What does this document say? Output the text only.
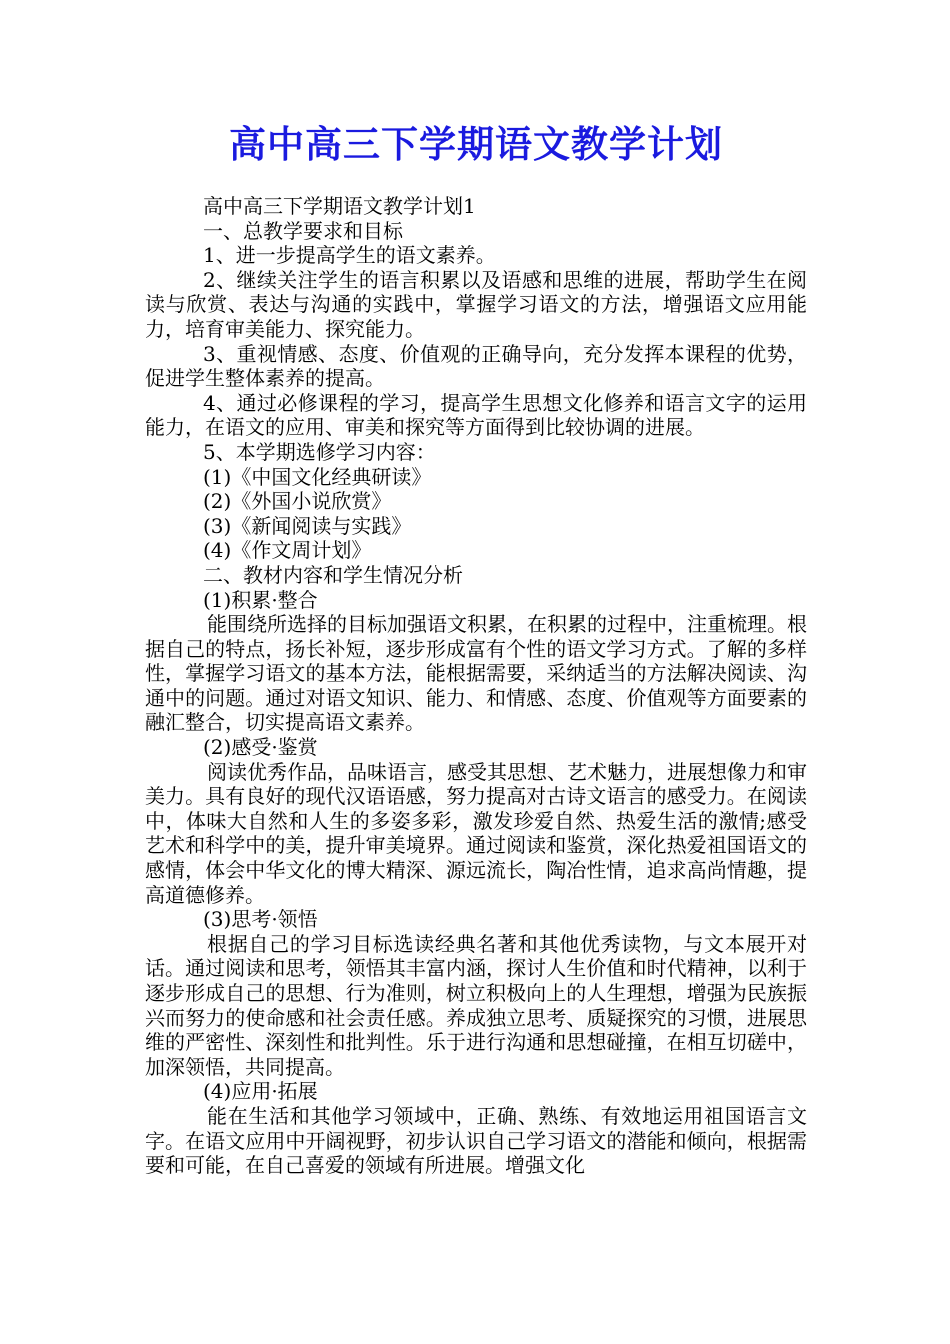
高中高三下学期语文教学计划

高中高三下学期语文教学计划1

一、总教学要求和目标

1、进一步提高学生的语文素养。

2、继续关注学生的语言积累以及语感和思维的进展，帮助学生在阅读与欣赏、表达与沟通的实践中，掌握学习语文的方法，增强语文应用能力，培育审美能力、探究能力。

3、重视情感、态度、价值观的正确导向，充分发挥本课程的优势，促进学生整体素养的提高。

4、通过必修课程的学习，提高学生思想文化修养和语言文字的运用能力，在语文的应用、审美和探究等方面得到比较协调的进展。

5、本学期选修学习内容：

(1)《中国文化经典研读》

(2)《外国小说欣赏》

(3)《新闻阅读与实践》

(4)《作文周计划》

二、教材内容和学生情况分析

(1)积累·整合

能围绕所选择的目标加强语文积累，在积累的过程中，注重梳理。根据自己的特点，扬长补短，逐步形成富有个性的语文学习方式。了解的多样性，掌握学习语文的基本方法，能根据需要，采纳适当的方法解决阅读、沟通中的问题。通过对语文知识、能力、和情感、态度、价值观等方面要素的融汇整合，切实提高语文素养。

(2)感受·鉴赏

阅读优秀作品，品味语言，感受其思想、艺术魅力，进展想像力和审美力。具有良好的现代汉语语感，努力提高对古诗文语言的感受力。在阅读中，体味大自然和人生的多姿多彩，激发珍爱自然、热爱生活的激情;感受艺术和科学中的美，提升审美境界。通过阅读和鉴赏，深化热爱祖国语文的感情，体会中华文化的博大精深、源远流长，陶冶性情，追求高尚情趣，提高道德修养。

(3)思考·领悟

根据自己的学习目标选读经典名著和其他优秀读物，与文本展开对话。通过阅读和思考，领悟其丰富内涵，探讨人生价值和时代精神，以利于逐步形成自己的思想、行为准则，树立积极向上的人生理想，增强为民族振兴而努力的使命感和社会责任感。养成独立思考、质疑探究的习惯，进展思维的严密性、深刻性和批判性。乐于进行沟通和思想碰撞，在相互切磋中，加深领悟，共同提高。

(4)应用·拓展

能在生活和其他学习领域中，正确、熟练、有效地运用祖国语言文字。在语文应用中开阔视野，初步认识自己学习语文的潜能和倾向，根据需要和可能，在自己喜爱的领域有所进展。增强文化
